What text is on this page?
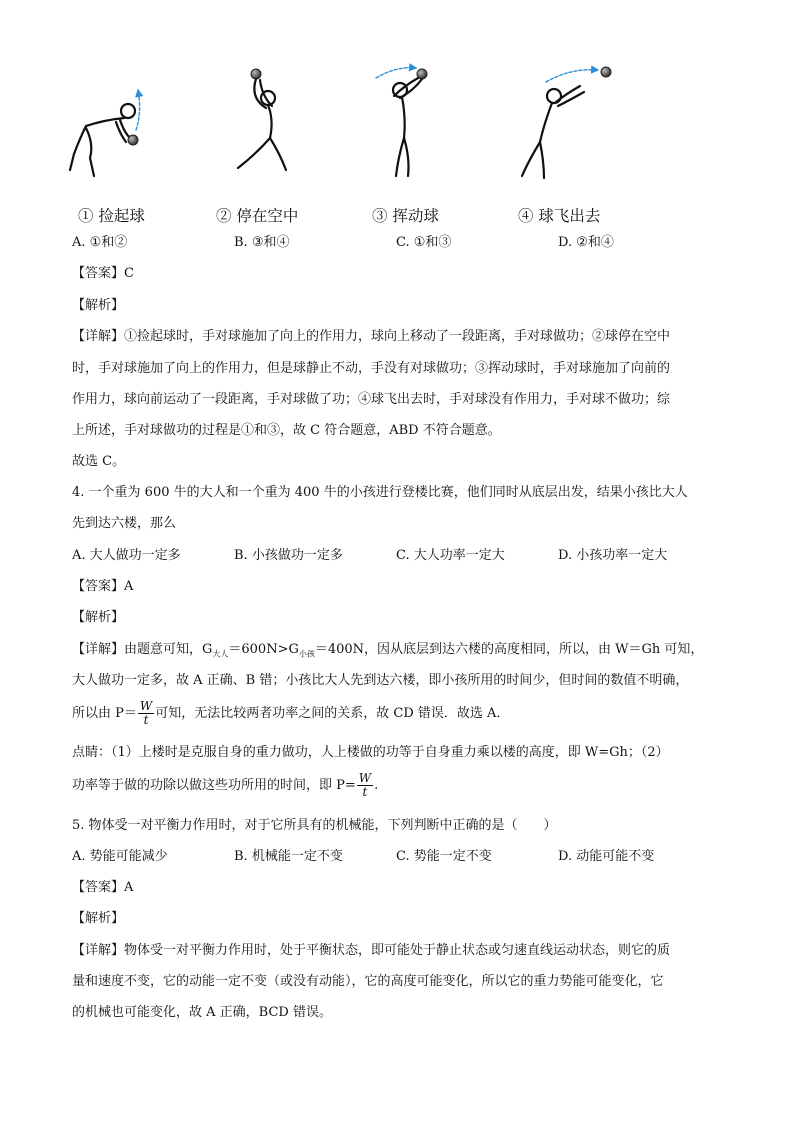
① 捡起球	② 停在空中	③ 挥动球	④ 球飞出去
A. ①和②	B. ③和④	C. ①和③	D. ②和④
【答案】C
【解析】
【详解】①捡起球时，手对球施加了向上的作用力，球向上移动了一段距离，手对球做功；②球停在空中
时，手对球施加了向上的作用力，但是球静止不动，手没有对球做功；③挥动球时，手对球施加了向前的
作用力，球向前运动了一段距离，手对球做了功；④球飞出去时，手对球没有作用力，手对球不做功；综
上所述，手对球做功的过程是①和③，故 C 符合题意，ABD 不符合题意。
故选 C。
4. 一个重为 600 牛的大人和一个重为 400 牛的小孩进行登楼比赛，他们同时从底层出发，结果小孩比大人
先到达六楼，那么
A. 大人做功一定多	B. 小孩做功一定多	C. 大人功率一定大	D. 小孩功率一定大
【答案】A
【解析】
【详解】由题意可知，$G_{大人}=600N>G_{小孩}=400N$，因从底层到达六楼的高度相同，所以，由 W＝Gh 可知，
大人做功一定多，故 A 正确、B 错；小孩比大人先到达六楼，即小孩所用的时间少，但时间的数值不明确，
所以由 $P= \frac{W}{t}$ 可知，无法比较两者功率之间的关系，故 CD 错误．故选 A．
点睛：（1）上楼时是克服自身的重力做功，人上楼做的功等于自身重力乘以楼的高度，即 W=Gh；（2）
功率等于做的功除以做这些功所用的时间，即 $P= \frac{W}{t}$ .
5. 物体受一对平衡力作用时，对于它所具有的机械能，下列判断中正确的是（　　）
A. 势能可能减少	B. 机械能一定不变	C. 势能一定不变	D. 动能可能不变
【答案】A
【解析】
【详解】物体受一对平衡力作用时，处于平衡状态，即可能处于静止状态或匀速直线运动状态，则它的质
量和速度不变，它的动能一定不变（或没有动能），它的高度可能变化，所以它的重力势能可能变化，它
的机械也可能变化，故 A 正确，BCD 错误。
